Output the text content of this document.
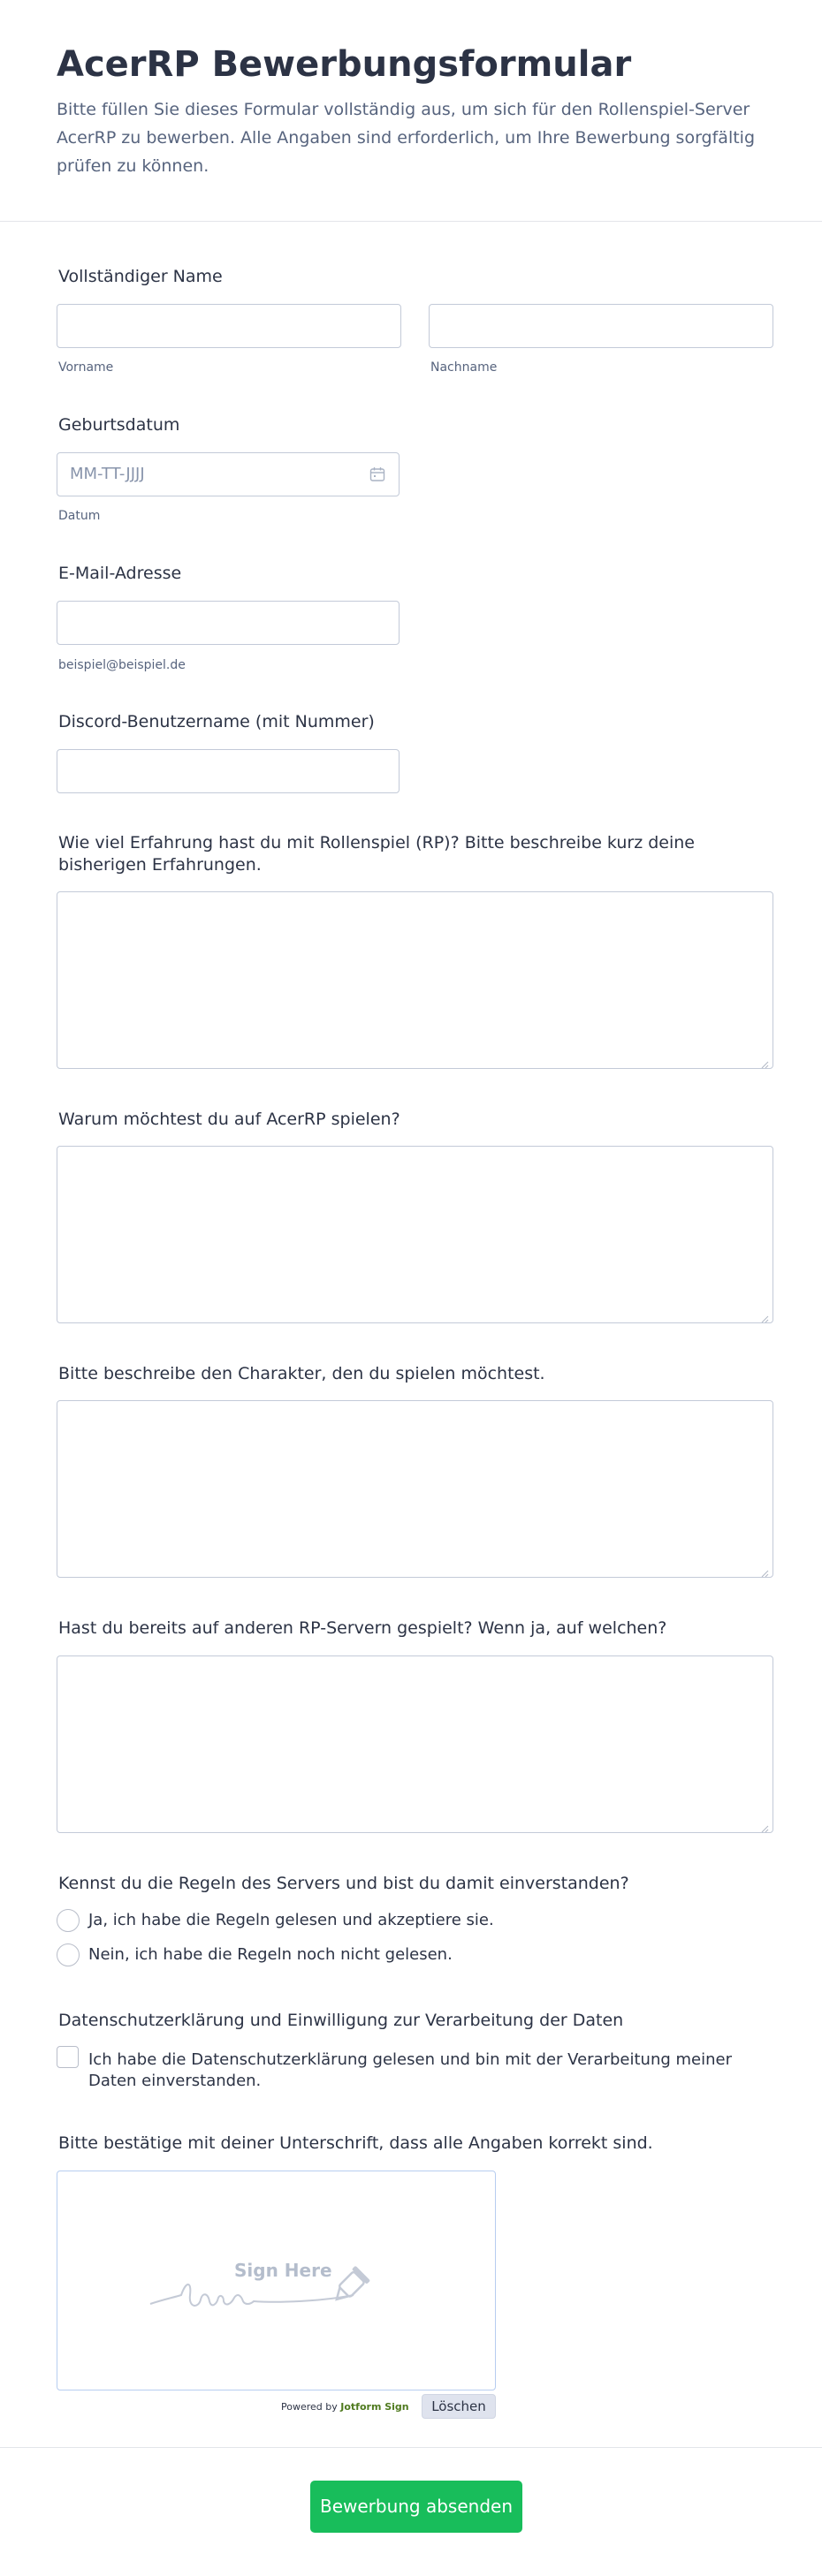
AcerRP Bewerbungsformular
Bitte füllen Sie dieses Formular vollständig aus, um sich für den Rollenspiel-Server AcerRP zu bewerben. Alle Angaben sind erforderlich, um Ihre Bewerbung sorgfältig prüfen zu können.
Vollständiger Name
Vorname	Nachname
Geburtsdatum
MM-TT-JJJJ
Datum
E-Mail-Adresse
beispiel@beispiel.de
Discord-Benutzername (mit Nummer)
Wie viel Erfahrung hast du mit Rollenspiel (RP)? Bitte beschreibe kurz deine bisherigen Erfahrungen.
Warum möchtest du auf AcerRP spielen?
Bitte beschreibe den Charakter, den du spielen möchtest.
Hast du bereits auf anderen RP-Servern gespielt? Wenn ja, auf welchen?
Kennst du die Regeln des Servers und bist du damit einverstanden?
Ja, ich habe die Regeln gelesen und akzeptiere sie.
Nein, ich habe die Regeln noch nicht gelesen.
Datenschutzerklärung und Einwilligung zur Verarbeitung der Daten
Ich habe die Datenschutzerklärung gelesen und bin mit der Verarbeitung meiner Daten einverstanden.
Bitte bestätige mit deiner Unterschrift, dass alle Angaben korrekt sind.
Sign Here
Powered by Jotform Sign	Löschen
Bewerbung absenden
